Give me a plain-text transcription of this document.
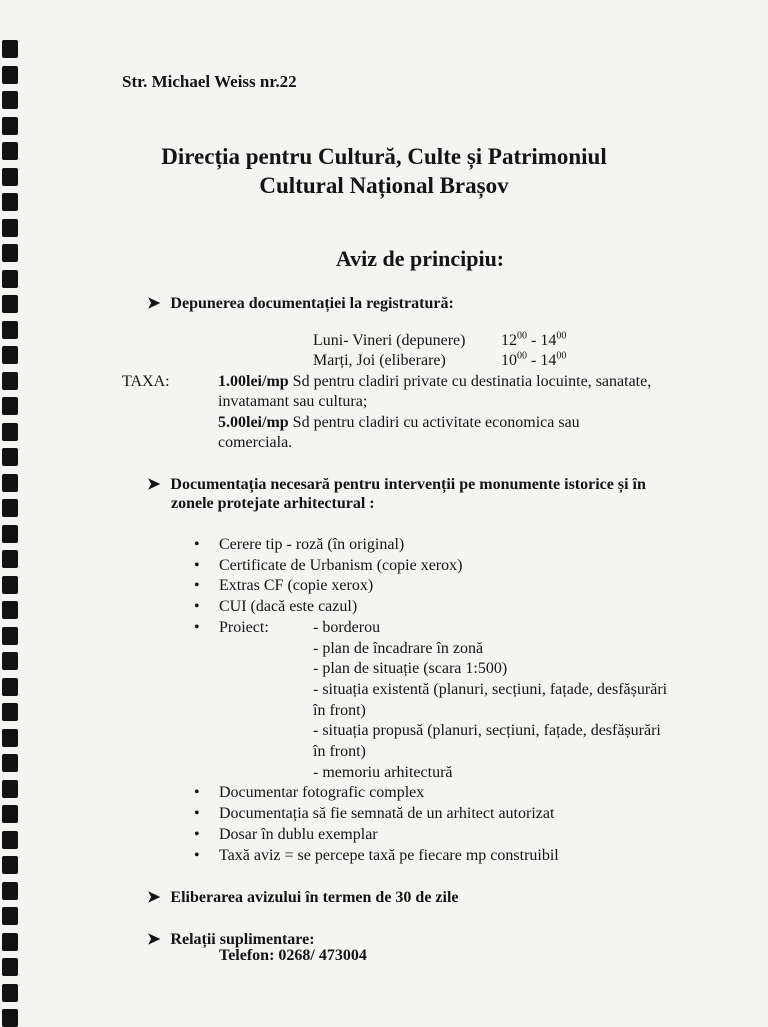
Str. Michael Weiss nr.22
Direcția pentru Cultură, Culte și Patrimoniul
Cultural Național Brașov
Aviz de principiu:
➤ Depunerea documentației la registratură:
Luni- Vineri (depunere) $12^{00} - 14^{00}$
Marți, Joi (eliberare)	$10^{00} - 14^{00}$
TAXA:	1.00lei/mp Sd pentru cladiri private cu destinatia locuinte, sanatate,
invatamant sau cultura;
5.00lei/mp Sd pentru cladiri cu activitate economica sau
comerciala.
➤ Documentația necesară pentru intervenții pe monumente istorice și în
zonele protejate arhitectural :
• Cerere tip - roză (în original)
• Certificate de Urbanism (copie xerox)
• Extras CF (copie xerox)
• CUI (dacă este cazul)
• Proiect:	- borderou
- plan de încadrare în zonă
- plan de situație (scara 1:500)
- situația existentă (planuri, secțiuni, fațade, desfășurări
în front)
- situația propusă (planuri, secțiuni, fațade, desfășurări
în front)
- memoriu arhitectură
• Documentar fotografic complex
• Documentația să fie semnată de un arhitect autorizat
• Dosar în dublu exemplar
• Taxă aviz = se percepe taxă pe fiecare mp construibil
➤ Eliberarea avizului în termen de 30 de zile
➤ Relații suplimentare:
Telefon: 0268/ 473004
